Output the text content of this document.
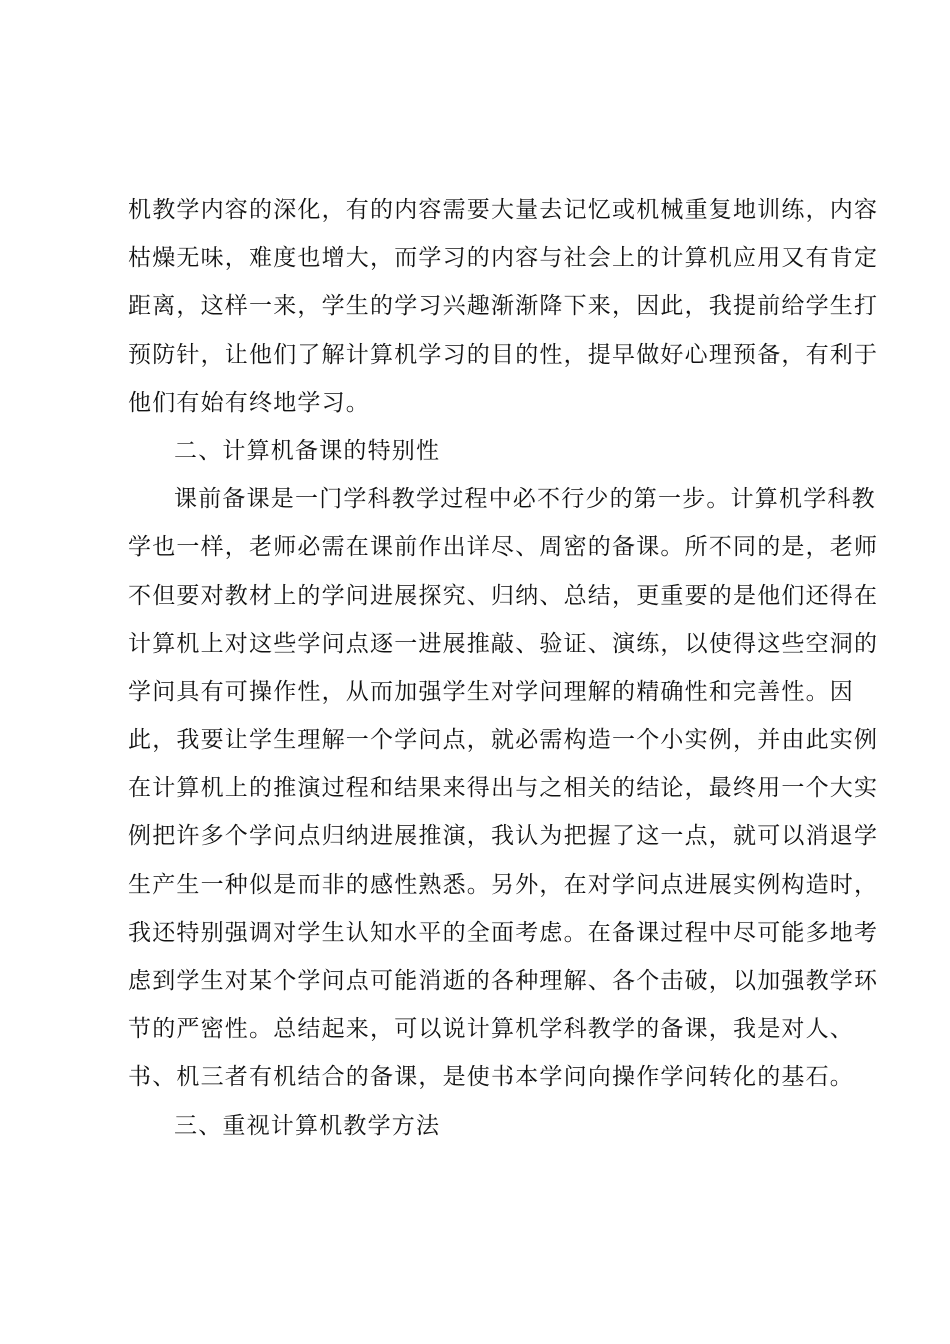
机教学内容的深化，有的内容需要大量去记忆或机械重复地训练，内容
枯燥无味，难度也增大，而学习的内容与社会上的计算机应用又有肯定
距离，这样一来，学生的学习兴趣渐渐降下来，因此，我提前给学生打
预防针，让他们了解计算机学习的目的性，提早做好心理预备，有利于
他们有始有终地学习。
二、计算机备课的特别性
课前备课是一门学科教学过程中必不行少的第一步。计算机学科教
学也一样，老师必需在课前作出详尽、周密的备课。所不同的是，老师
不但要对教材上的学问进展探究、归纳、总结，更重要的是他们还得在
计算机上对这些学问点逐一进展推敲、验证、演练，以使得这些空洞的
学问具有可操作性，从而加强学生对学问理解的精确性和完善性。因
此，我要让学生理解一个学问点，就必需构造一个小实例，并由此实例
在计算机上的推演过程和结果来得出与之相关的结论，最终用一个大实
例把许多个学问点归纳进展推演，我认为把握了这一点，就可以消退学
生产生一种似是而非的感性熟悉。另外，在对学问点进展实例构造时，
我还特别强调对学生认知水平的全面考虑。在备课过程中尽可能多地考
虑到学生对某个学问点可能消逝的各种理解、各个击破，以加强教学环
节的严密性。总结起来，可以说计算机学科教学的备课，我是对人、
书、机三者有机结合的备课，是使书本学问向操作学问转化的基石。
三、重视计算机教学方法
